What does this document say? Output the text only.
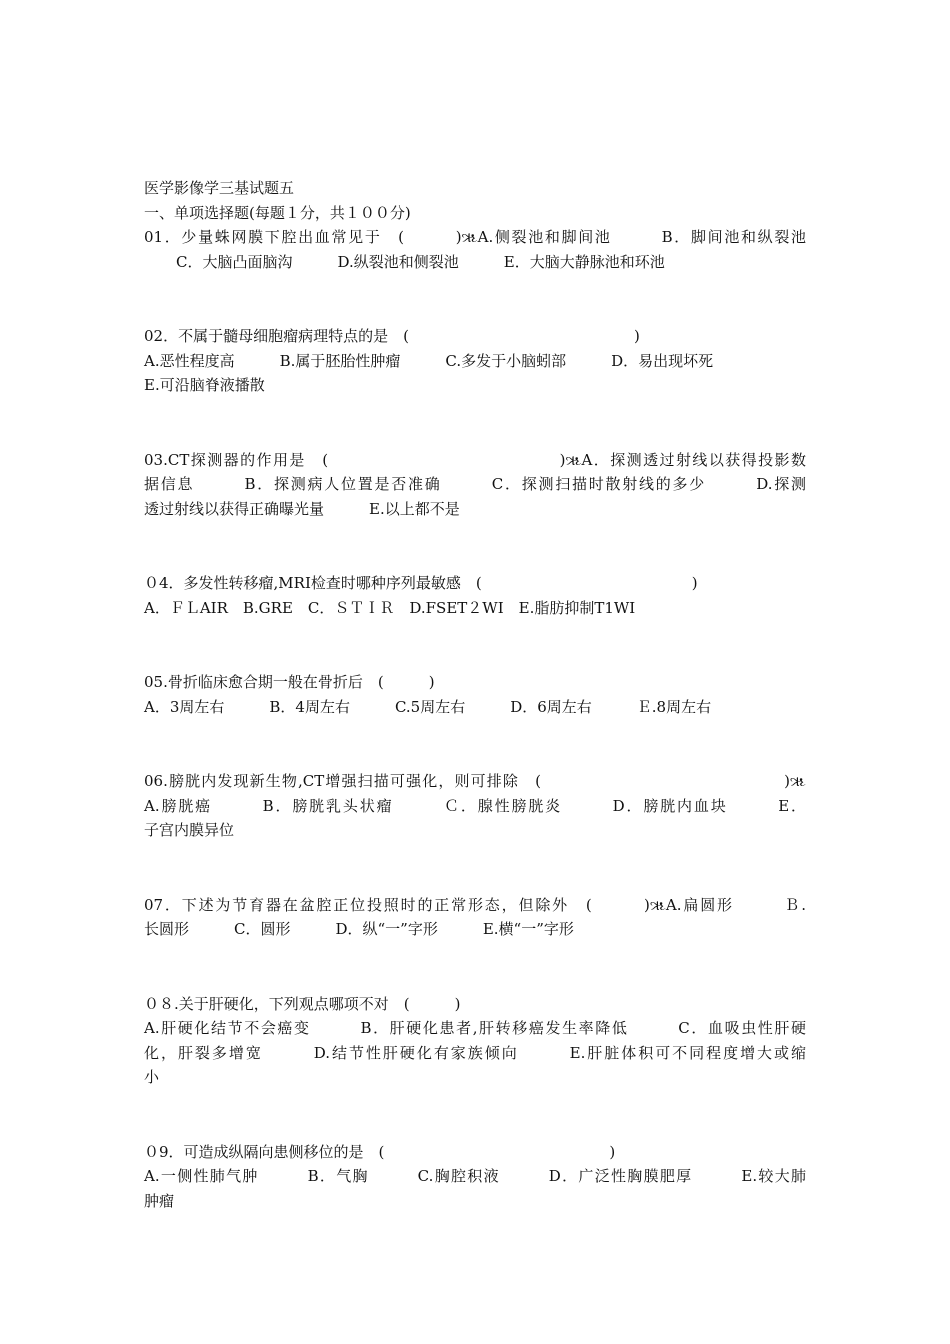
医学影像学三基试题五
一、单项选择题(每题１分，共１００分)
01．少量蛛网膜下腔出血常见于　(　　　)ૠA.侧裂池和脚间池　　　B．脚间池和纵裂池
C．大脑凸面脑沟　　　D.纵裂池和侧裂池　　　E．大脑大静脉池和环池
02．不属于髓母细胞瘤病理特点的是　(　　　　　　　　　　　　　　　)
A.恶性程度高　　　B.属于胚胎性肿瘤　　　C.多发于小脑蚓部　　　D．易出现坏死
E.可沿脑脊液播散
03.CT探测器的作用是　(　　　　　　　　　　　　　　)ૠA．探测透过射线以获得投影数
据信息　　　B．探测病人位置是否准确　　　C．探测扫描时散射线的多少　　　D.探测
透过射线以获得正确曝光量　　　E.以上都不是
０4．多发性转移瘤,MRI检查时哪种序列最敏感　(　　　　　　　　　　　　　　)
A．ＦＬAIR　B.GRE　C．ＳＴＩＲ　D.FSET２WI　E.脂肪抑制T1WI
05.骨折临床愈合期一般在骨折后　(　　　)
A．3周左右　　　B．4周左右　　　C.5周左右　　　D．6周左右　　　Ｅ.8周左右
06.膀胱内发现新生物,CT增强扫描可强化，则可排除　(　　　　　　　　　　　　　　　)ૠ
A.膀胱癌　　　B．膀胱乳头状瘤　　　Ｃ．腺性膀胱炎　　　D．膀胱内血块　　　E．
子宫内膜异位
07．下述为节育器在盆腔正位投照时的正常形态，但除外　(　　　)ૠA.扁圆形　　　Ｂ.
长圆形　　　C．圆形　　　D．纵“一”字形　　　E.横“一”字形
０８.关于肝硬化，下列观点哪项不对　(　　　)
A.肝硬化结节不会癌变　　　B．肝硬化患者,肝转移癌发生率降低　　　C．血吸虫性肝硬
化，肝裂多增宽　　　D.结节性肝硬化有家族倾向　　　E.肝脏体积可不同程度增大或缩
小
０9．可造成纵隔向患侧移位的是　(　　　　　　　　　　　　　　　)
A.一侧性肺气肿　　　B．气胸　　　C.胸腔积液　　　D．广泛性胸膜肥厚　　　E.较大肺
肿瘤
